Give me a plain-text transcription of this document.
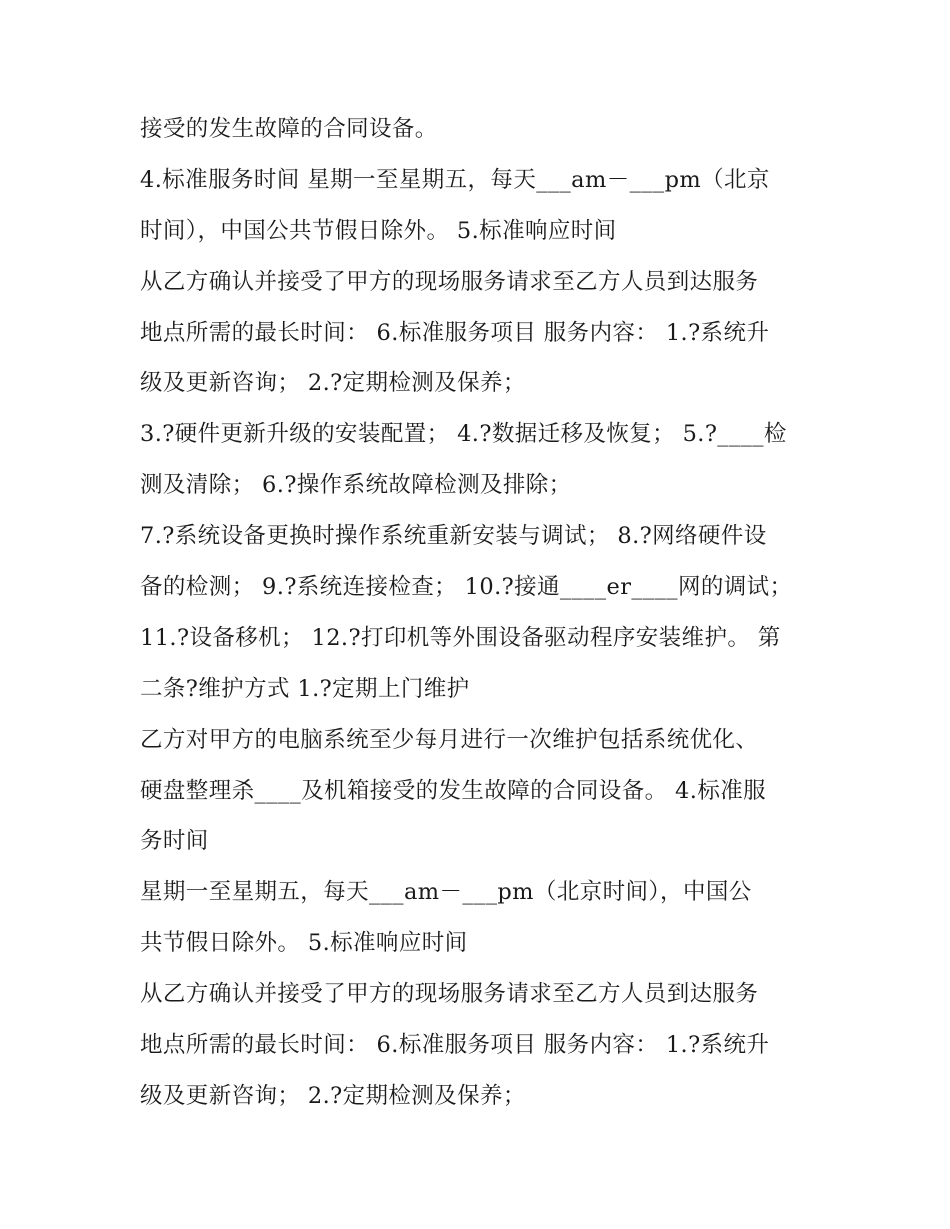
接受的发生故障的合同设备。
4.标准服务时间 星期一至星期五，每天___am－___pm（北京
时间），中国公共节假日除外。 5.标准响应时间
从乙方确认并接受了甲方的现场服务请求至乙方人员到达服务
地点所需的最长时间： 6.标准服务项目 服务内容： 1.?系统升
级及更新咨询； 2.?定期检测及保养；
3.?硬件更新升级的安装配置； 4.?数据迁移及恢复； 5.?____检
测及清除； 6.?操作系统故障检测及排除；
7.?系统设备更换时操作系统重新安装与调试； 8.?网络硬件设
备的检测； 9.?系统连接检查； 10.?接通____er____网的调试；
11.?设备移机； 12.?打印机等外围设备驱动程序安装维护。 第
二条?维护方式 1.?定期上门维护
乙方对甲方的电脑系统至少每月进行一次维护包括系统优化、
硬盘整理杀____及机箱接受的发生故障的合同设备。 4.标准服
务时间
星期一至星期五，每天___am－___pm（北京时间），中国公
共节假日除外。 5.标准响应时间
从乙方确认并接受了甲方的现场服务请求至乙方人员到达服务
地点所需的最长时间： 6.标准服务项目 服务内容： 1.?系统升
级及更新咨询； 2.?定期检测及保养；
